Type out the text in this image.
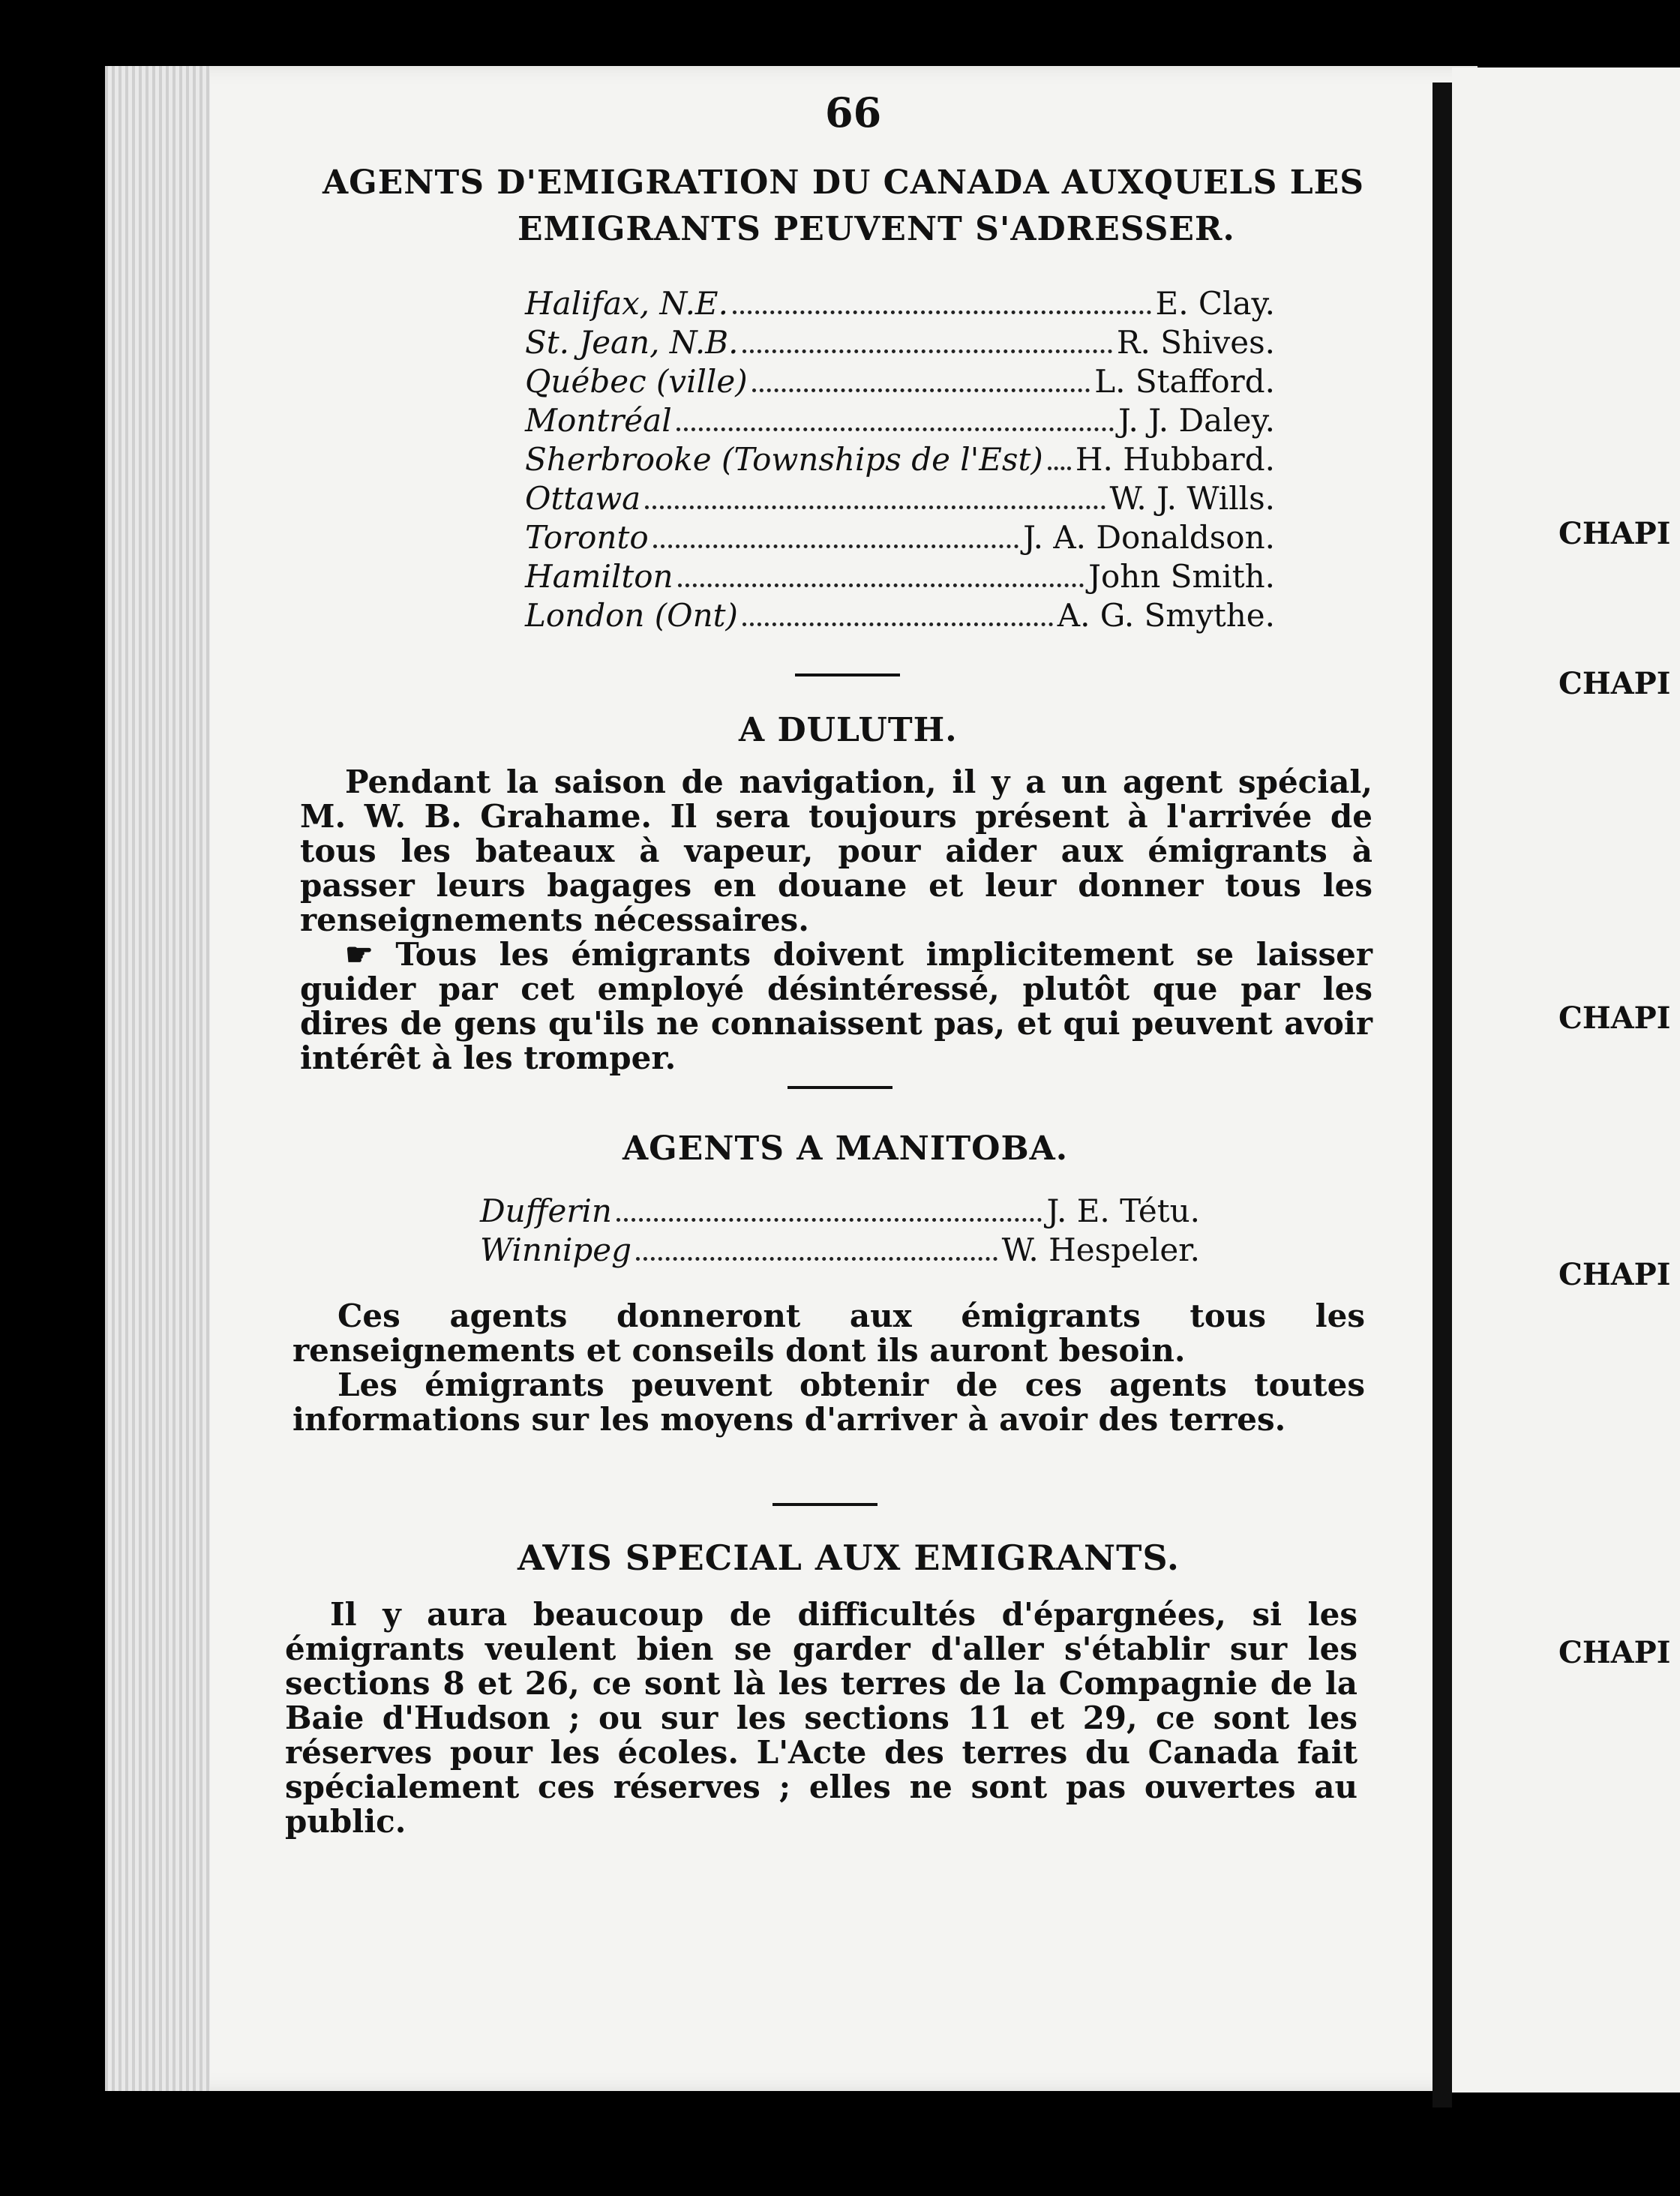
66
AGENTS D'EMIGRATION DU CANADA AUXQUELS LES
EMIGRANTS PEUVENT S'ADRESSER.
Halifax, N.E.	E. Clay.
St. Jean, N.B.	R. Shives.
Québec (ville)	L. Stafford.
Montréal	J. J. Daley.
Sherbrooke (Townships de l'Est) H. Hubbard.
Ottawa	W. J. Wills.
Toronto	J. A. Donaldson.
Hamilton	John Smith.
London (Ont)	A. G. Smythe.
A DULUTH.

Pendant la saison de navigation, il y a un agent spécial, M. W. B. Grahame. Il sera toujours présent à l'arrivée de tous les bateaux à vapeur, pour aider aux émigrants à passer leurs bagages en douane et leur donner tous les renseignements nécessaires.

☛ Tous les émigrants doivent implicitement se laisser guider par cet employé désintéressé, plutôt que par les dires de gens qu'ils ne connaissent pas, et qui peuvent avoir intérêt à les tromper.

AGENTS A MANITOBA.
Dufferin	J. E. Tétu.
Winnipeg	W. Hespeler.

Ces agents donneront aux émigrants tous les renseignements et conseils dont ils auront besoin.

Les émigrants peuvent obtenir de ces agents toutes informations sur les moyens d'arriver à avoir des terres.

AVIS SPECIAL AUX EMIGRANTS.

Il y aura beaucoup de difficultés d'épargnées, si les émigrants veulent bien se garder d'aller s'établir sur les sections 8 et 26, ce sont là les terres de la Compagnie de la Baie d'Hudson ; ou sur les sections 11 et 29, ce sont les réserves pour les écoles. L'Acte des terres du Canada fait spécialement ces réserves ; elles ne sont pas ouvertes au public.

CHAPI
CHAPI
CHAPI
CHAPI
CHAPI
